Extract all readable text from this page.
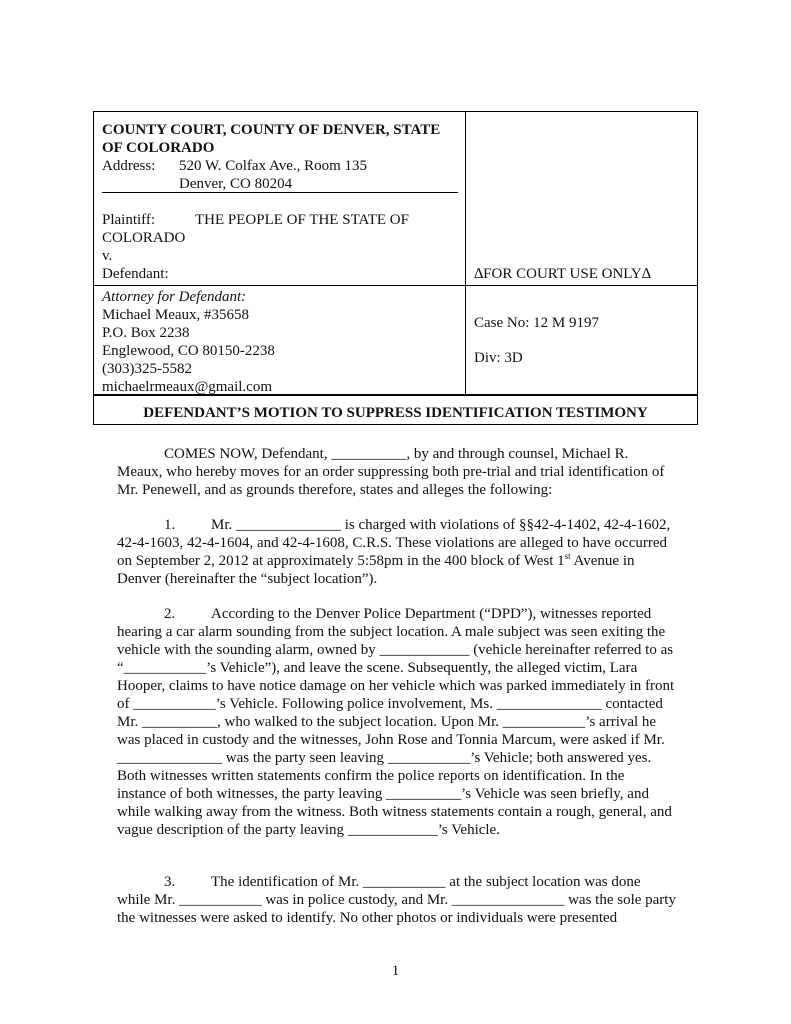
COUNTY COURT, COUNTY OF DENVER, STATE
OF COLORADO
Address: 520 W. Colfax Ave., Room 135
Denver, CO 80204
Plaintiff:	THE PEOPLE OF THE STATE OF
COLORADO
v.
Defendant:	∆FOR COURT USE ONLY∆
Attorney for Defendant:
Michael Meaux, #35658
P.O. Box 2238
Englewood, CO 80150-2238
(303)325-5582
michaelrmeaux@gmail.com
Case No: 12 M 9197
Div: 3D
DEFENDANT’S MOTION TO SUPPRESS IDENTIFICATION TESTIMONY

COMES NOW, Defendant, __________, by and through counsel, Michael R. Meaux, who hereby moves for an order suppressing both pre-trial and trial identification of Mr. Penewell, and as grounds therefore, states and alleges the following:

1. Mr. ______________ is charged with violations of §§42-4-1402, 42-4-1602, 42-4-1603, 42-4-1604, and 42-4-1608, C.R.S. These violations are alleged to have occurred on September 2, 2012 at approximately 5:58pm in the 400 block of West 1st Avenue in Denver (hereinafter the “subject location”).

2. According to the Denver Police Department (“DPD”), witnesses reported hearing a car alarm sounding from the subject location. A male subject was seen exiting the vehicle with the sounding alarm, owned by ____________ (vehicle hereinafter referred to as “___________’s Vehicle”), and leave the scene. Subsequently, the alleged victim, Lara Hooper, claims to have notice damage on her vehicle which was parked immediately in front of ___________’s Vehicle. Following police involvement, Ms. ______________ contacted Mr. __________, who walked to the subject location. Upon Mr. ___________’s arrival he was placed in custody and the witnesses, John Rose and Tonnia Marcum, were asked if Mr. ______________ was the party seen leaving ___________’s Vehicle; both answered yes. Both witnesses written statements confirm the police reports on identification. In the instance of both witnesses, the party leaving __________’s Vehicle was seen briefly, and while walking away from the witness. Both witness statements contain a rough, general, and vague description of the party leaving ____________’s Vehicle.

3. The identification of Mr. ___________ at the subject location was done while Mr. ___________ was in police custody, and Mr. _______________ was the sole party the witnesses were asked to identify. No other photos or individuals were presented

1
